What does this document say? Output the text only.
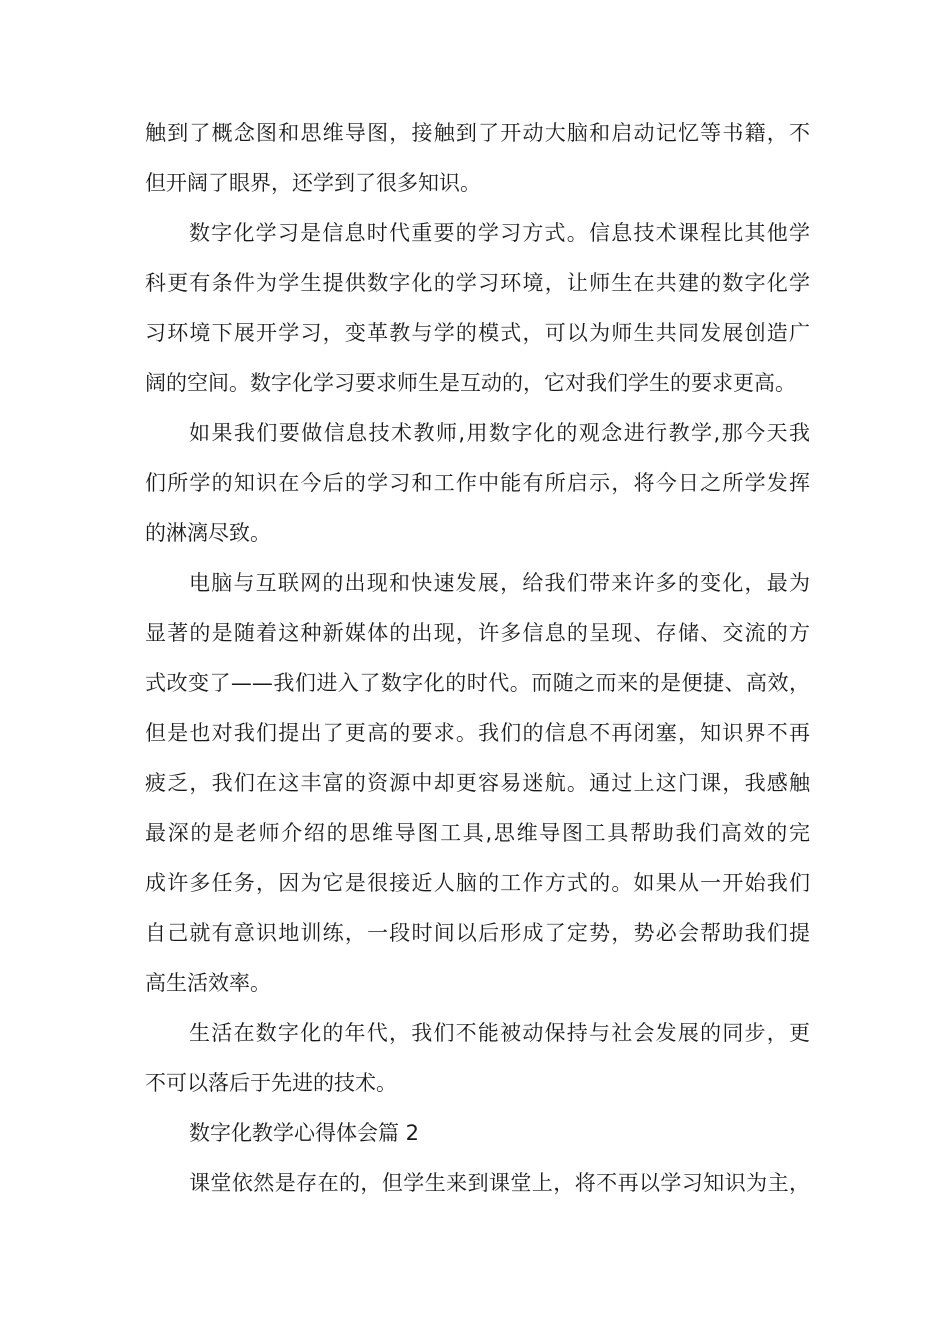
触到了概念图和思维导图，接触到了开动大脑和启动记忆等书籍，不
但开阔了眼界，还学到了很多知识。
数字化学习是信息时代重要的学习方式。信息技术课程比其他学
科更有条件为学生提供数字化的学习环境，让师生在共建的数字化学
习环境下展开学习，变革教与学的模式，可以为师生共同发展创造广
阔的空间。数字化学习要求师生是互动的，它对我们学生的要求更高。
如果我们要做信息技术教师,用数字化的观念进行教学,那今天我
们所学的知识在今后的学习和工作中能有所启示，将今日之所学发挥
的淋漓尽致。
电脑与互联网的出现和快速发展，给我们带来许多的变化，最为
显著的是随着这种新媒体的出现，许多信息的呈现、存储、交流的方
式改变了——我们进入了数字化的时代。而随之而来的是便捷、高效，
但是也对我们提出了更高的要求。我们的信息不再闭塞，知识界不再
疲乏，我们在这丰富的资源中却更容易迷航。通过上这门课，我感触
最深的是老师介绍的思维导图工具,思维导图工具帮助我们高效的完
成许多任务，因为它是很接近人脑的工作方式的。如果从一开始我们
自己就有意识地训练，一段时间以后形成了定势，势必会帮助我们提
高生活效率。
生活在数字化的年代，我们不能被动保持与社会发展的同步，更
不可以落后于先进的技术。
数字化教学心得体会篇 2
课堂依然是存在的，但学生来到课堂上，将不再以学习知识为主，
